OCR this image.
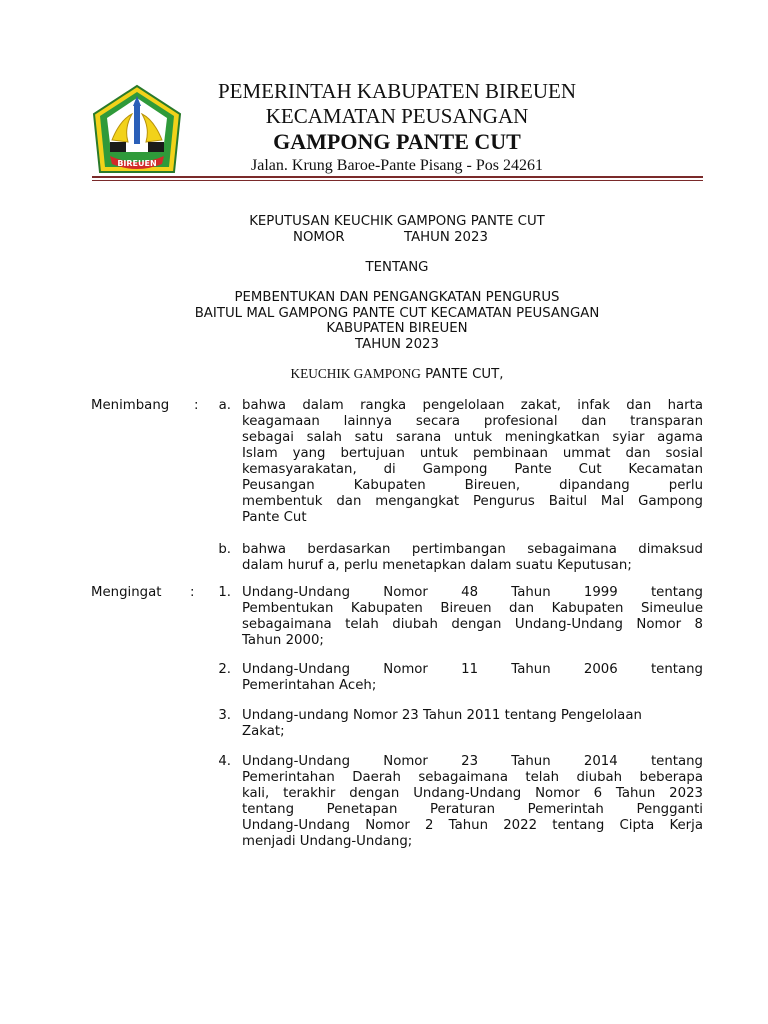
BIREUEN
PEMERINTAH KABUPATEN BIREUEN
KECAMATAN PEUSANGAN
GAMPONG PANTE CUT
Jalan. Krung Baroe-Pante Pisang - Pos 24261
KEPUTUSAN KEUCHIK GAMPONG PANTE CUT
NOMOR	TAHUN 2023
TENTANG
PEMBENTUKAN DAN PENGANGKATAN PENGURUS
BAITUL MAL GAMPONG PANTE CUT KECAMATAN PEUSANGAN
KABUPATEN BIREUEN
TAHUN 2023
KEUCHIK GAMPONG PANTE CUT,
Menimbang :	a. bahwa dalam rangka pengelolaan zakat, infak dan harta
keagamaan lainnya secara profesional dan transparan
sebagai salah satu sarana untuk meningkatkan syiar agama
Islam yang bertujuan untuk pembinaan ummat dan sosial
kemasyarakatan, di Gampong Pante Cut Kecamatan
Peusangan Kabupaten Bireuen, dipandang perlu
membentuk dan mengangkat Pengurus Baitul Mal Gampong
Pante Cut
b. bahwa berdasarkan pertimbangan sebagaimana dimaksud
dalam huruf a, perlu menetapkan dalam suatu Keputusan;
Mengingat :	1. Undang-Undang Nomor 48 Tahun 1999 tentang
Pembentukan Kabupaten Bireuen dan Kabupaten Simeulue
sebagaimana telah diubah dengan Undang-Undang Nomor 8
Tahun 2000;
2. Undang-Undang Nomor 11 Tahun 2006 tentang
Pemerintahan Aceh;
3. Undang-undang Nomor 23 Tahun 2011 tentang Pengelolaan
Zakat;
4. Undang-Undang Nomor 23 Tahun 2014 tentang
Pemerintahan Daerah sebagaimana telah diubah beberapa
kali, terakhir dengan Undang-Undang Nomor 6 Tahun 2023
tentang Penetapan Peraturan Pemerintah Pengganti
Undang-Undang Nomor 2 Tahun 2022 tentang Cipta Kerja
menjadi Undang-Undang;
